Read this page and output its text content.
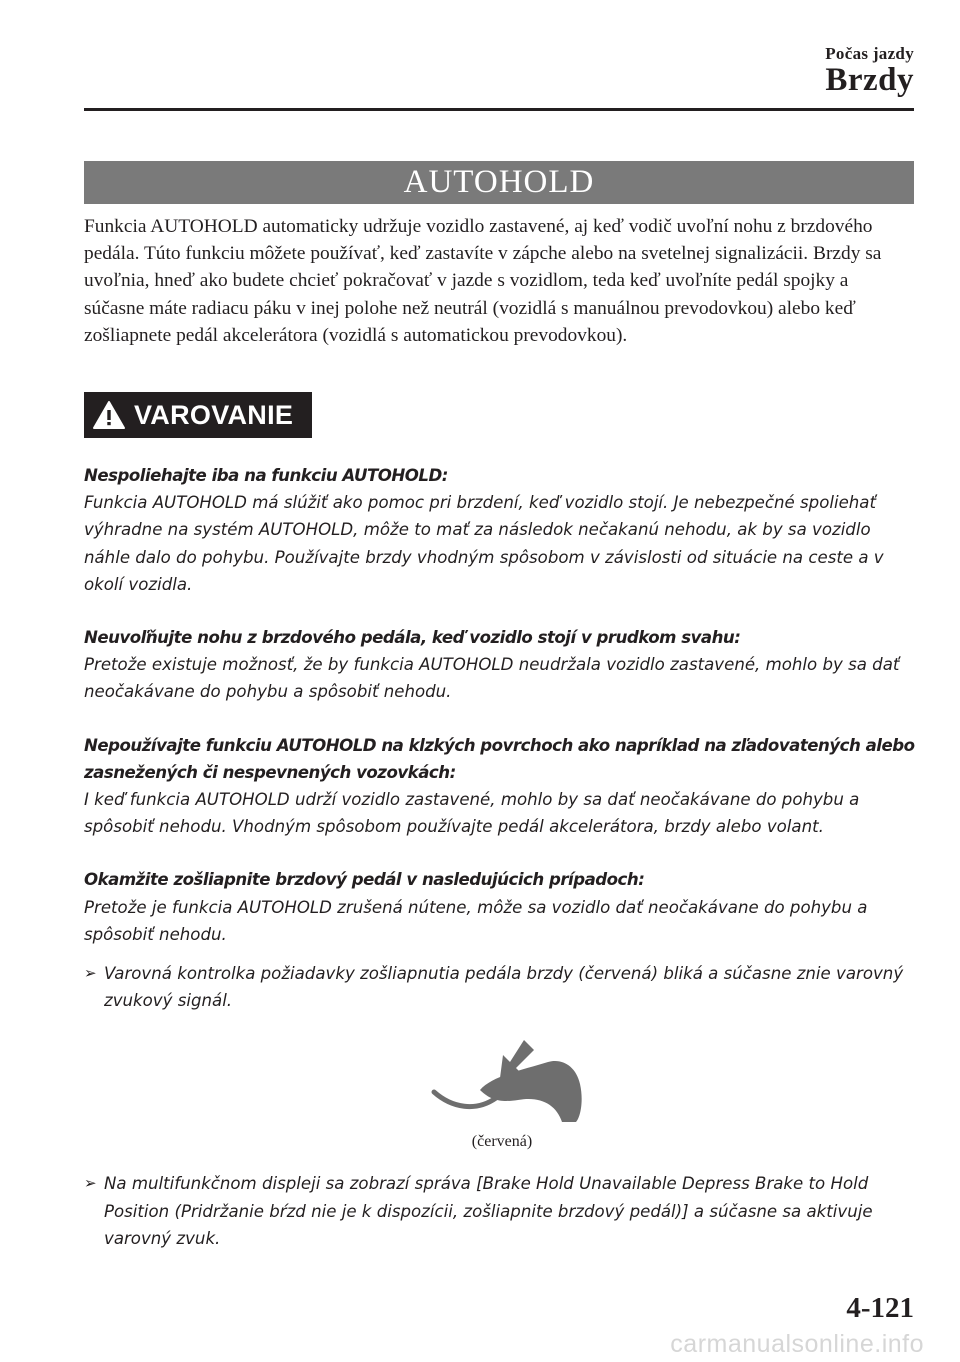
Počas jazdy
Brzdy
AUTOHOLD

Funkcia AUTOHOLD automaticky udržuje vozidlo zastavené, aj keď vodič uvoľní nohu z brzdového pedála. Túto funkciu môžete používať, keď zastavíte v zápche alebo na svetelnej signalizácii. Brzdy sa uvoľnia, hneď ako budete chcieť pokračovať v jazde s vozidlom, teda keď uvoľníte pedál spojky a súčasne máte radiacu páku v inej polohe než neutrál (vozidlá s manuálnou prevodovkou) alebo keď zošliapnete pedál akcelerátora (vozidlá s automatickou prevodovkou).

VAROVANIE

Nespoliehajte iba na funkciu AUTOHOLD:

Funkcia AUTOHOLD má slúžiť ako pomoc pri brzdení, keď vozidlo stojí. Je nebezpečné spoliehať výhradne na systém AUTOHOLD, môže to mať za následok nečakanú nehodu, ak by sa vozidlo náhle dalo do pohybu. Používajte brzdy vhodným spôsobom v závislosti od situácie na ceste a v okolí vozidla.

Neuvoľňujte nohu z brzdového pedála, keď vozidlo stojí v prudkom svahu:

Pretože existuje možnosť, že by funkcia AUTOHOLD neudržala vozidlo zastavené, mohlo by sa dať neočakávane do pohybu a spôsobiť nehodu.

Nepoužívajte funkciu AUTOHOLD na klzkých povrchoch ako napríklad na zľadovatených alebo zasnežených či nespevnených vozovkách:

I keď funkcia AUTOHOLD udrží vozidlo zastavené, mohlo by sa dať neočakávane do pohybu a spôsobiť nehodu. Vhodným spôsobom používajte pedál akcelerátora, brzdy alebo volant.

Okamžite zošliapnite brzdový pedál v nasledujúcich prípadoch:

Pretože je funkcia AUTOHOLD zrušená nútene, môže sa vozidlo dať neočakávane do pohybu a spôsobiť nehodu.

➢ Varovná kontrolka požiadavky zošliapnutia pedála brzdy (červená) bliká a súčasne znie varovný zvukový signál.
(červená)
➢ Na multifunkčnom displeji sa zobrazí správa [Brake Hold Unavailable Depress Brake to Hold Position (Pridržanie bŕzd nie je k dispozícii, zošliapnite brzdový pedál)] a súčasne sa aktivuje varovný zvuk.
4-121
carmanualsonline.info
